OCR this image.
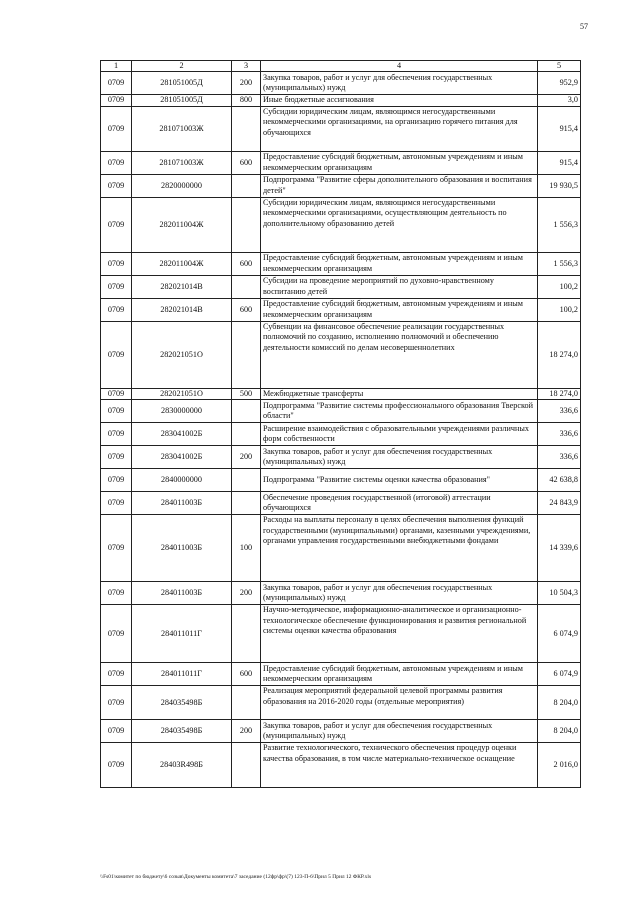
57
1	2	3	4	5
0709	281051005Д	200	Закупка товаров, работ и услуг для обеспечения государственных (муниципальных) нужд	952,9
0709	281051005Д	800	Иные бюджетные ассигнования	3,0
0709	281071003Ж		Субсидии юридическим лицам, являющимся негосударственными некоммерческими организациями, на организацию горячего питания для обучающихся	915,4
0709	281071003Ж	600	Предоставление субсидий бюджетным, автономным учреждениям и иным некоммерческим организациям	915,4
0709	2820000000		Подпрограмма "Развитие сферы дополнительного образования и воспитания детей"	19 930,5
0709	282011004Ж		Субсидии юридическим лицам, являющимся негосударственными некоммерческими организациями, осуществляющим деятельность по дополнительному образованию детей	1 556,3
0709	282011004Ж	600	Предоставление субсидий бюджетным, автономным учреждениям и иным некоммерческим организациям	1 556,3
0709	282021014В		Субсидии на проведение мероприятий по духовно-нравственному воспитанию детей	100,2
0709	282021014В	600	Предоставление субсидий бюджетным, автономным учреждениям и иным некоммерческим организациям	100,2
0709	282021051О		Субвенции на финансовое обеспечение реализации государственных полномочий по созданию, исполнению полномочий и обеспечению деятельности комиссий по делам несовершеннолетних	18 274,0
0709	282021051О	500	Межбюджетные трансферты	18 274,0
0709	2830000000		Подпрограмма "Развитие системы профессионального образования Тверской области"	336,6
0709	283041002Б		Расширение взаимодействия с образовательными учреждениями различных форм собственности	336,6
0709	283041002Б	200	Закупка товаров, работ и услуг для обеспечения государственных (муниципальных) нужд	336,6
0709	2840000000		Подпрограмма "Развитие системы оценки качества образования"	42 638,8
0709	284011003Б		Обеспечение проведения государственной (итоговой) аттестации обучающихся	24 843,9
0709	284011003Б	100	Расходы на выплаты персоналу в целях обеспечения выполнения функций государственными (муниципальными) органами, казенными учреждениями, органами управления государственными внебюджетными фондами	14 339,6
0709	284011003Б	200	Закупка товаров, работ и услуг для обеспечения государственных (муниципальных) нужд	10 504,3
0709	284011011Г		Научно-методическое, информационно-аналитическое и организационно-технологическое обеспечение функционирования и развития региональной системы оценки качества образования	6 074,9
0709	284011011Г	600	Предоставление субсидий бюджетным, автономным учреждениям и иным некоммерческим организациям	6 074,9
0709	284035498Б		Реализация мероприятий федеральной целевой программы развития образования на 2016-2020 годы (отдельные мероприятия)	8 204,0
0709	284035498Б	200	Закупка товаров, работ и услуг для обеспечения государственных (муниципальных) нужд	8 204,0
0709	28403R498Б		Развитие технологического, технического обеспечения процедур оценки качества образования, в том числе материально-техническое оснащение	2 016,0
\\Fs01\комитет по бюджету\6 созыв\Документы комитета\7 заседание (12фр\фр\(7) 123-П-6\Прил 5 Прил 12 ФКР.xls
